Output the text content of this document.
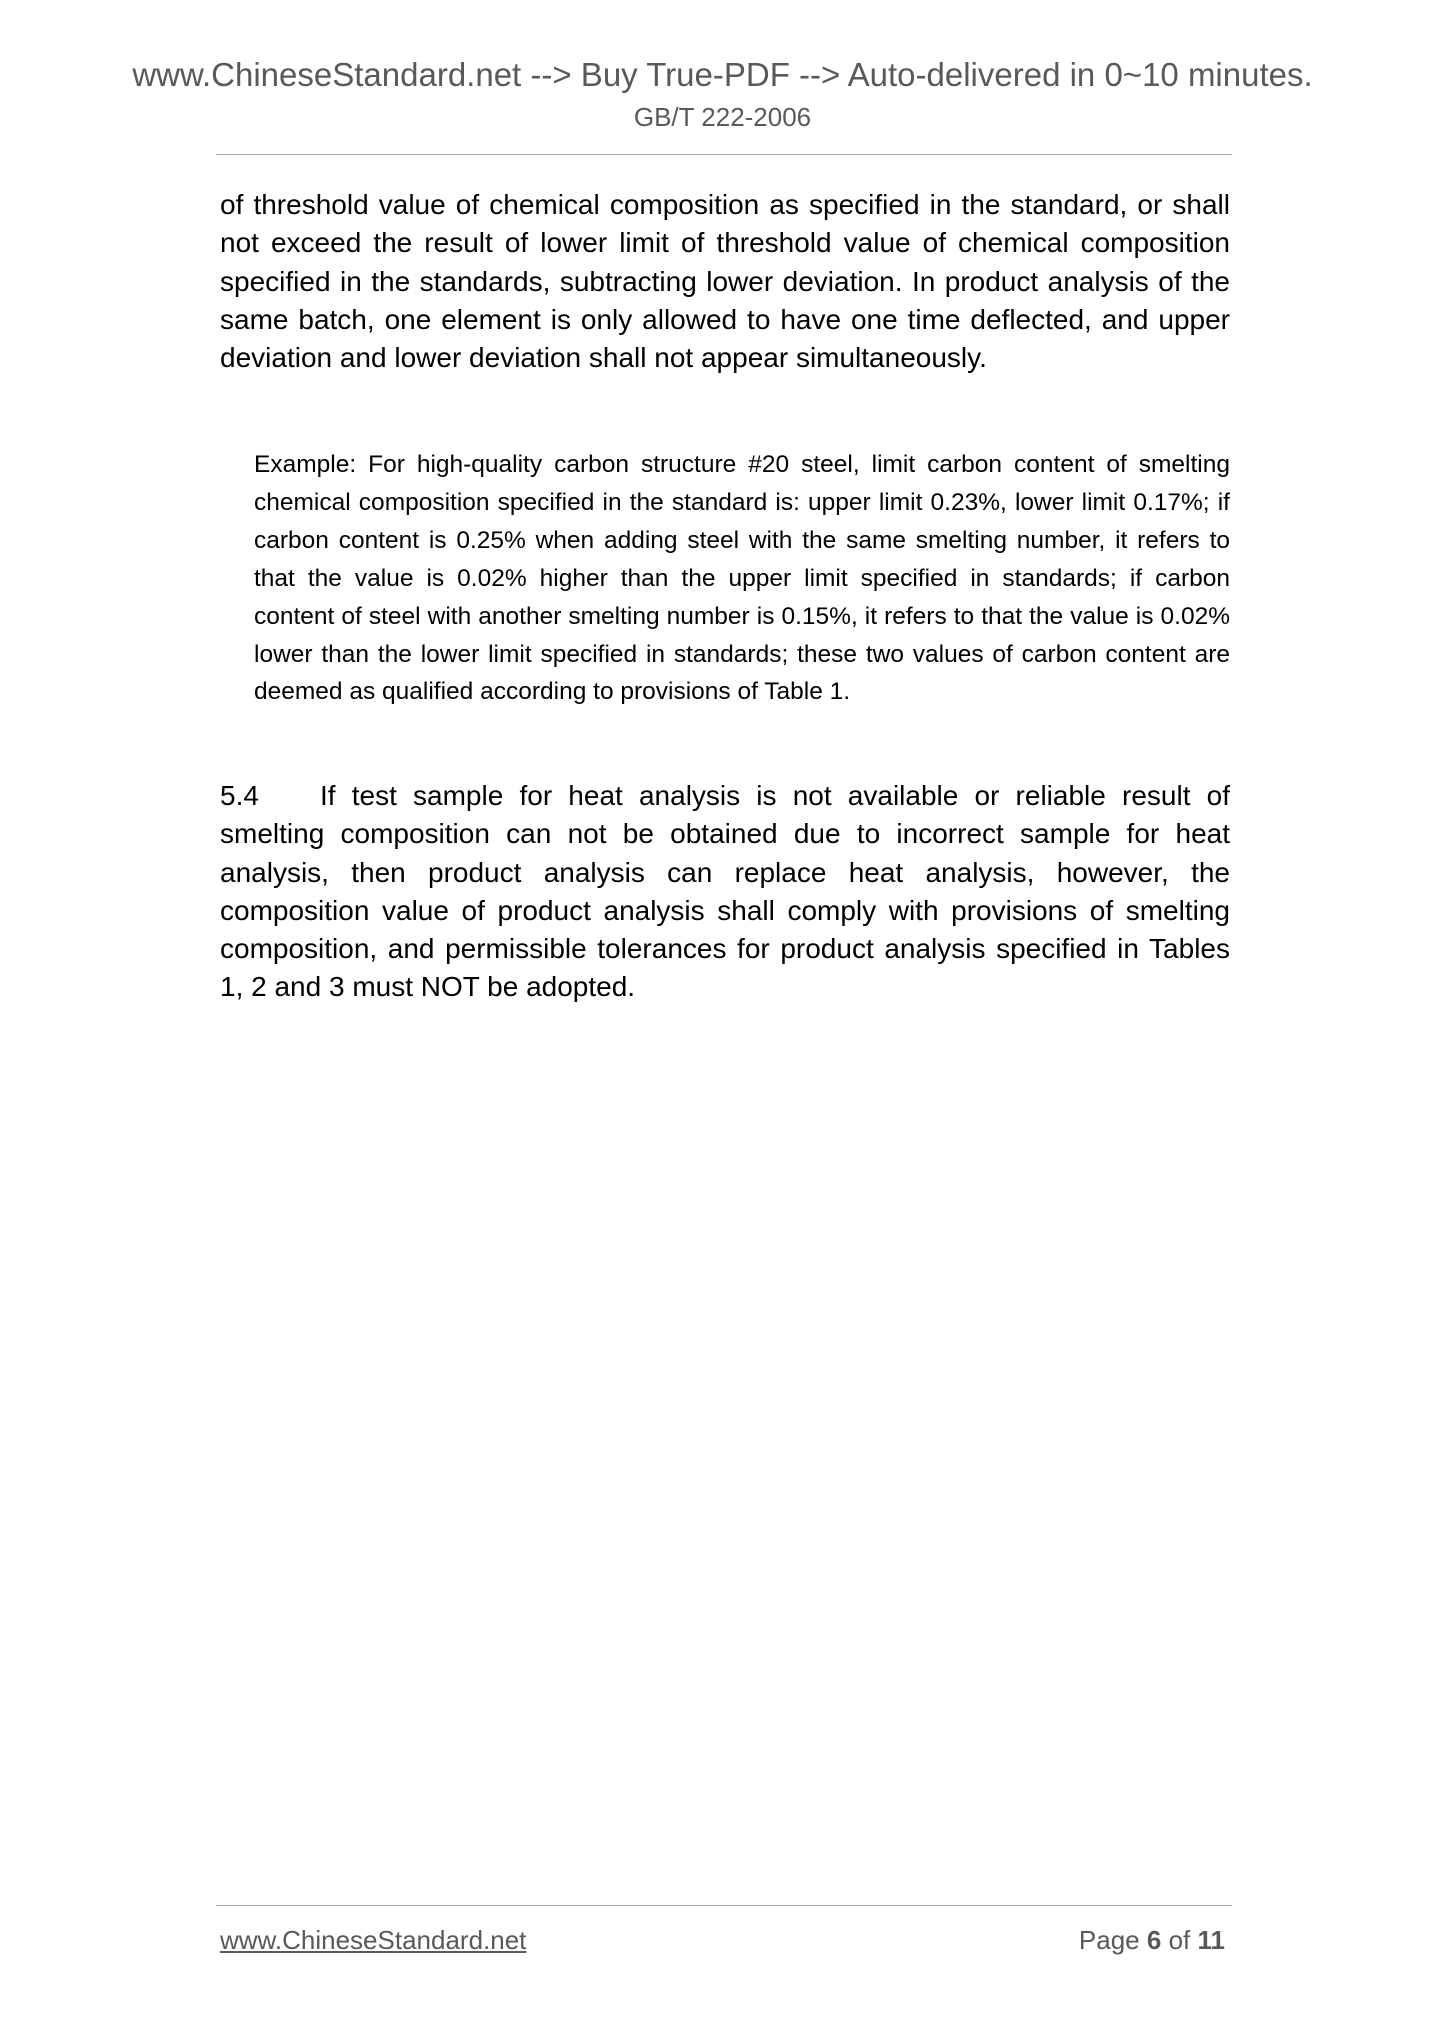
www.ChineseStandard.net --> Buy True-PDF --> Auto-delivered in 0~10 minutes.
GB/T 222-2006

of threshold value of chemical composition as specified in the standard, or shall not exceed the result of lower limit of threshold value of chemical composition specified in the standards, subtracting lower deviation. In product analysis of the same batch, one element is only allowed to have one time deflected, and upper deviation and lower deviation shall not appear simultaneously.

Example: For high-quality carbon structure #20 steel, limit carbon content of smelting chemical composition specified in the standard is: upper limit 0.23%, lower limit 0.17%; if carbon content is 0.25% when adding steel with the same smelting number, it refers to that the value is 0.02% higher than the upper limit specified in standards; if carbon content of steel with another smelting number is 0.15%, it refers to that the value is 0.02% lower than the lower limit specified in standards; these two values of carbon content are deemed as qualified according to provisions of Table 1.

5.4 If test sample for heat analysis is not available or reliable result of smelting composition can not be obtained due to incorrect sample for heat analysis, then product analysis can replace heat analysis, however, the composition value of product analysis shall comply with provisions of smelting composition, and permissible tolerances for product analysis specified in Tables 1, 2 and 3 must NOT be adopted.

www.ChineseStandard.net	Page 6 of 11
